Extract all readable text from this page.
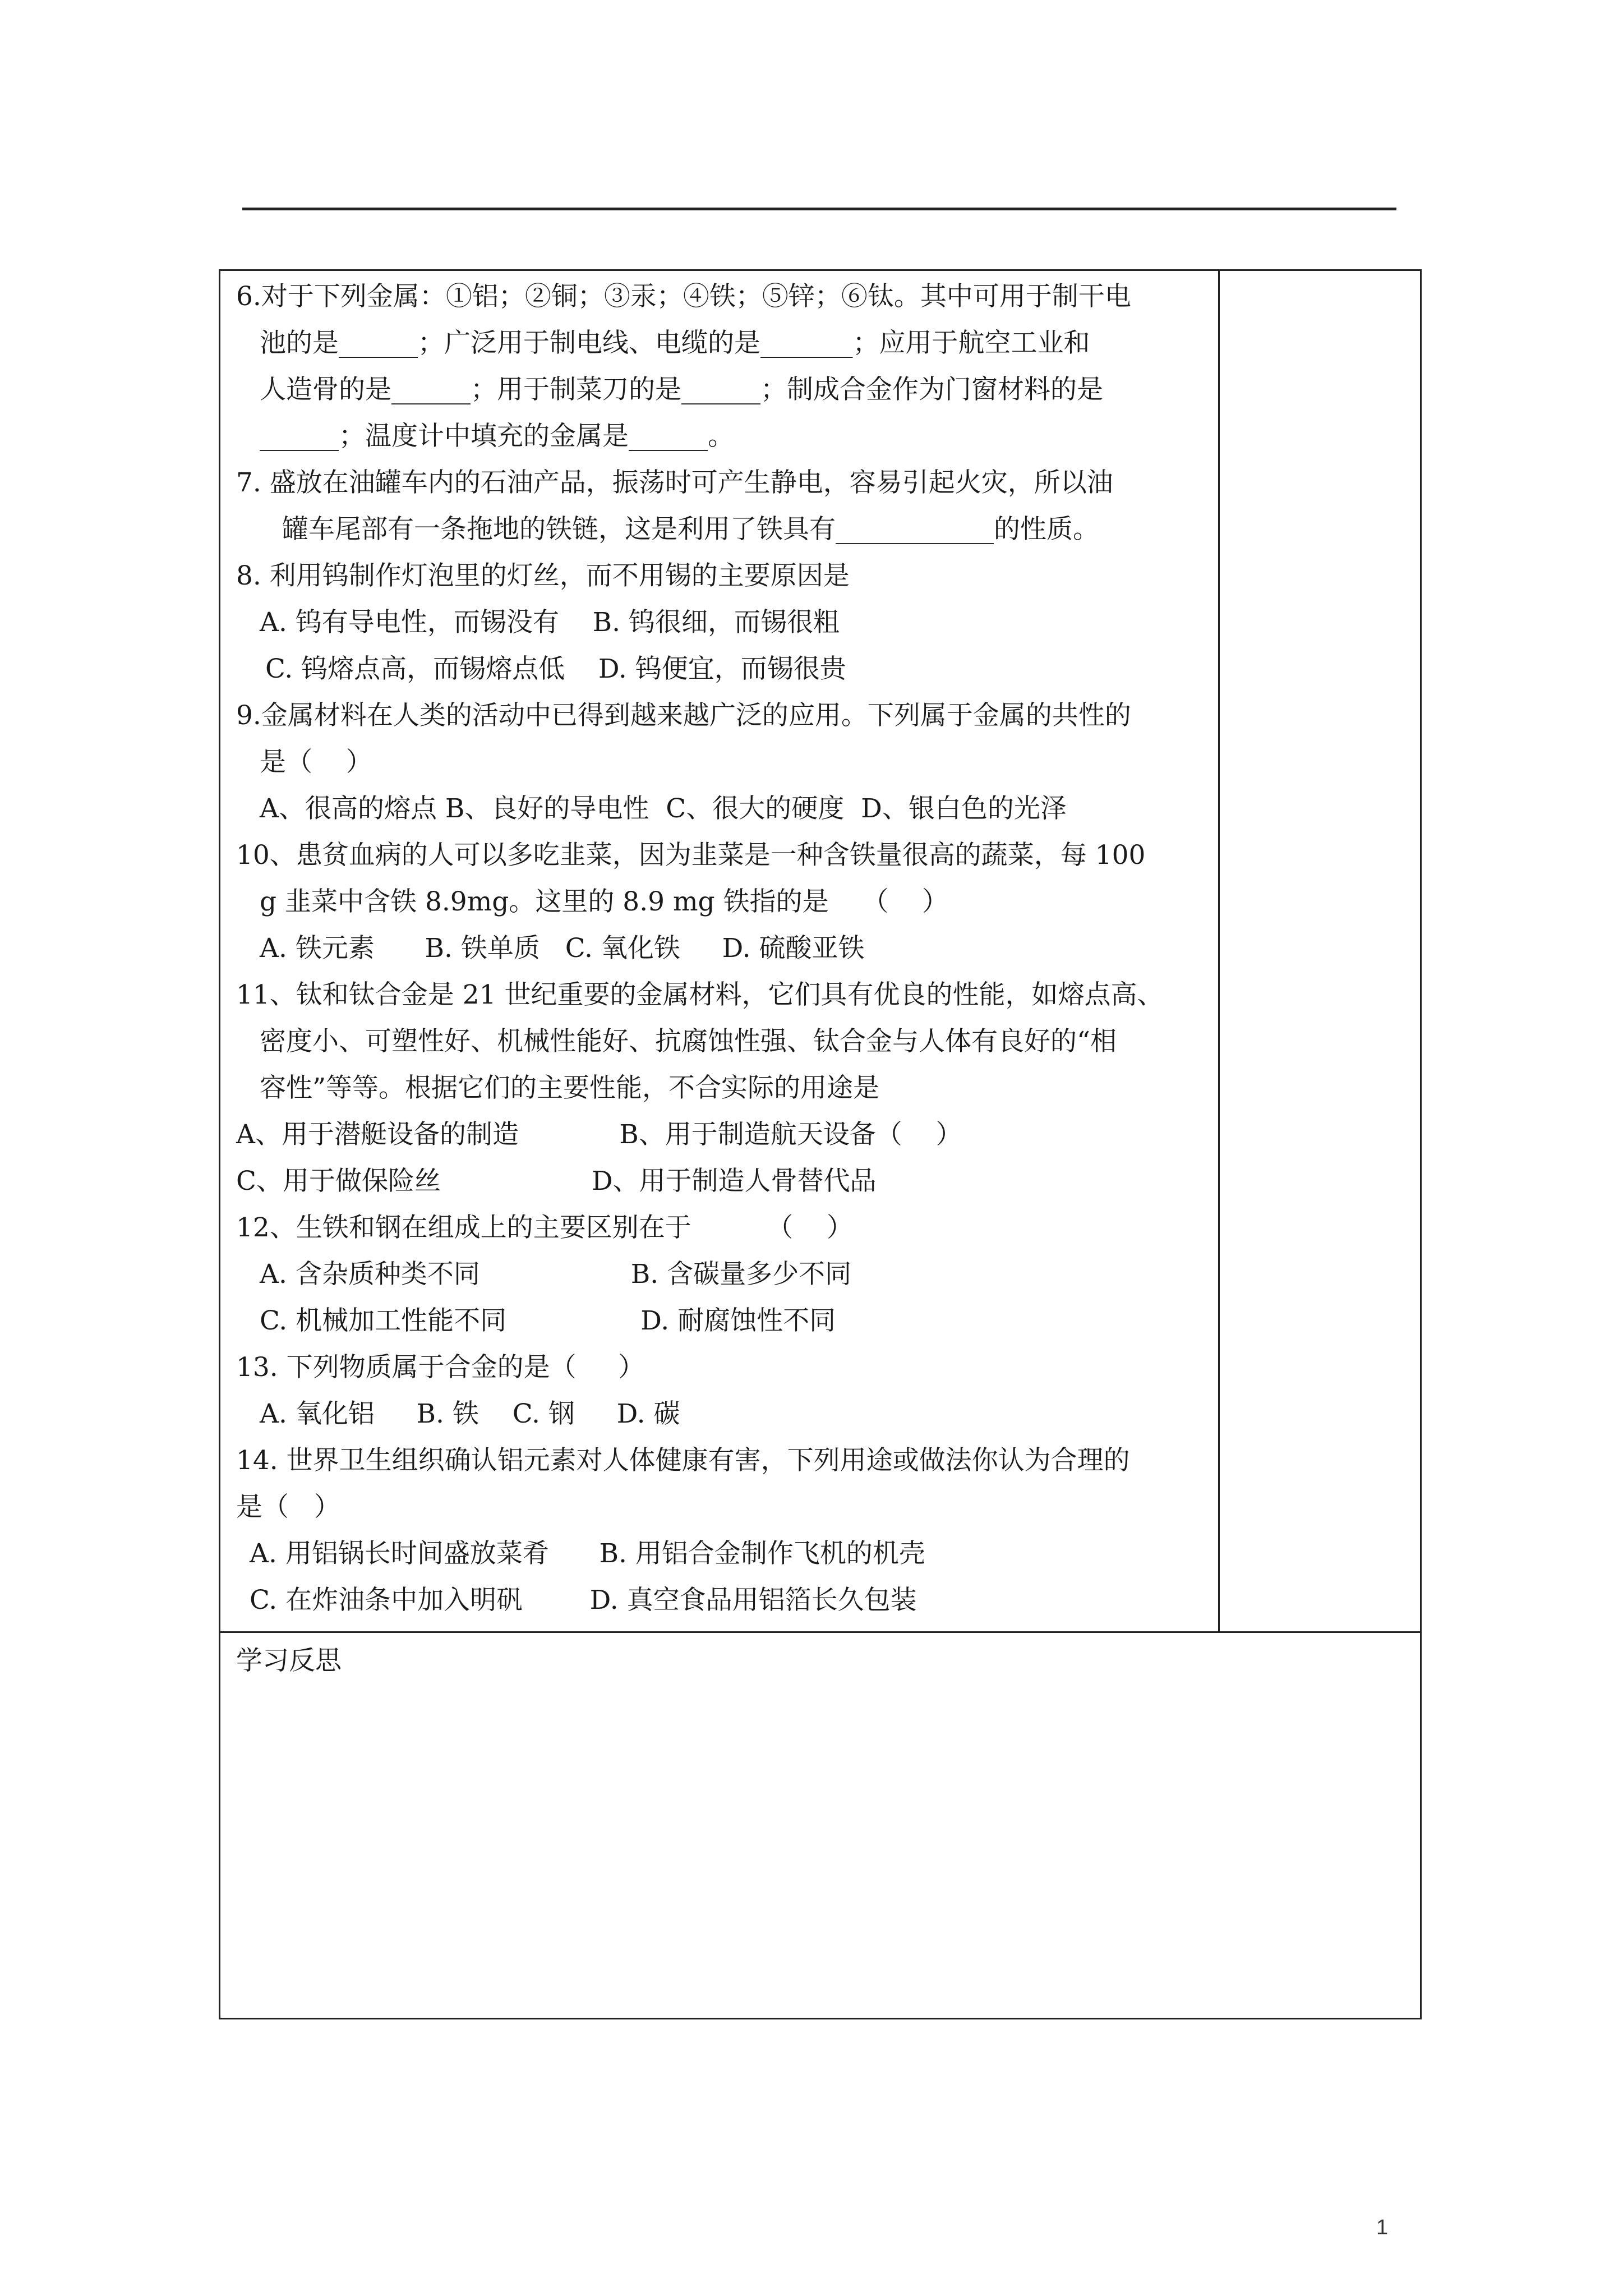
6.对于下列金属：①铝；②铜；③汞；④铁；⑤锌；⑥钛。其中可用于制干电
池的是______；广泛用于制电线、电缆的是_______；应用于航空工业和
人造骨的是______；用于制菜刀的是______；制成合金作为门窗材料的是
______；温度计中填充的金属是______。
7. 盛放在油罐车内的石油产品，振荡时可产生静电，容易引起火灾，所以油
罐车尾部有一条拖地的铁链，这是利用了铁具有____________的性质。
8. 利用钨制作灯泡里的灯丝，而不用锡的主要原因是
A. 钨有导电性，而锡没有    B. 钨很细，而锡很粗
C. 钨熔点高，而锡熔点低    D. 钨便宜，而锡很贵
9.金属材料在人类的活动中已得到越来越广泛的应用。下列属于金属的共性的
是（    ）
A、很高的熔点 B、良好的导电性  C、很大的硬度  D、银白色的光泽
10、患贫血病的人可以多吃韭菜，因为韭菜是一种含铁量很高的蔬菜，每 100
g 韭菜中含铁 8.9mg。这里的 8.9 mg 铁指的是    （    ）
A. 铁元素      B. 铁单质   C. 氧化铁     D. 硫酸亚铁
11、钛和钛合金是 21 世纪重要的金属材料，它们具有优良的性能，如熔点高、
密度小、可塑性好、机械性能好、抗腐蚀性强、钛合金与人体有良好的“相
容性”等等。根据它们的主要性能，不合实际的用途是
A、用于潜艇设备的制造            B、用于制造航天设备（    ）
C、用于做保险丝                  D、用于制造人骨替代品
12、生铁和钢在组成上的主要区别在于         （    ）
A. 含杂质种类不同                  B. 含碳量多少不同
C. 机械加工性能不同                D. 耐腐蚀性不同
13. 下列物质属于合金的是（     ）
A. 氧化铝     B. 铁    C. 钢     D. 碳
14. 世界卫生组织确认铝元素对人体健康有害，下列用途或做法你认为合理的
是（   ）
A. 用铝锅长时间盛放菜肴      B. 用铝合金制作飞机的机壳
C. 在炸油条中加入明矾        D. 真空食品用铝箔长久包装
学习反思
1
